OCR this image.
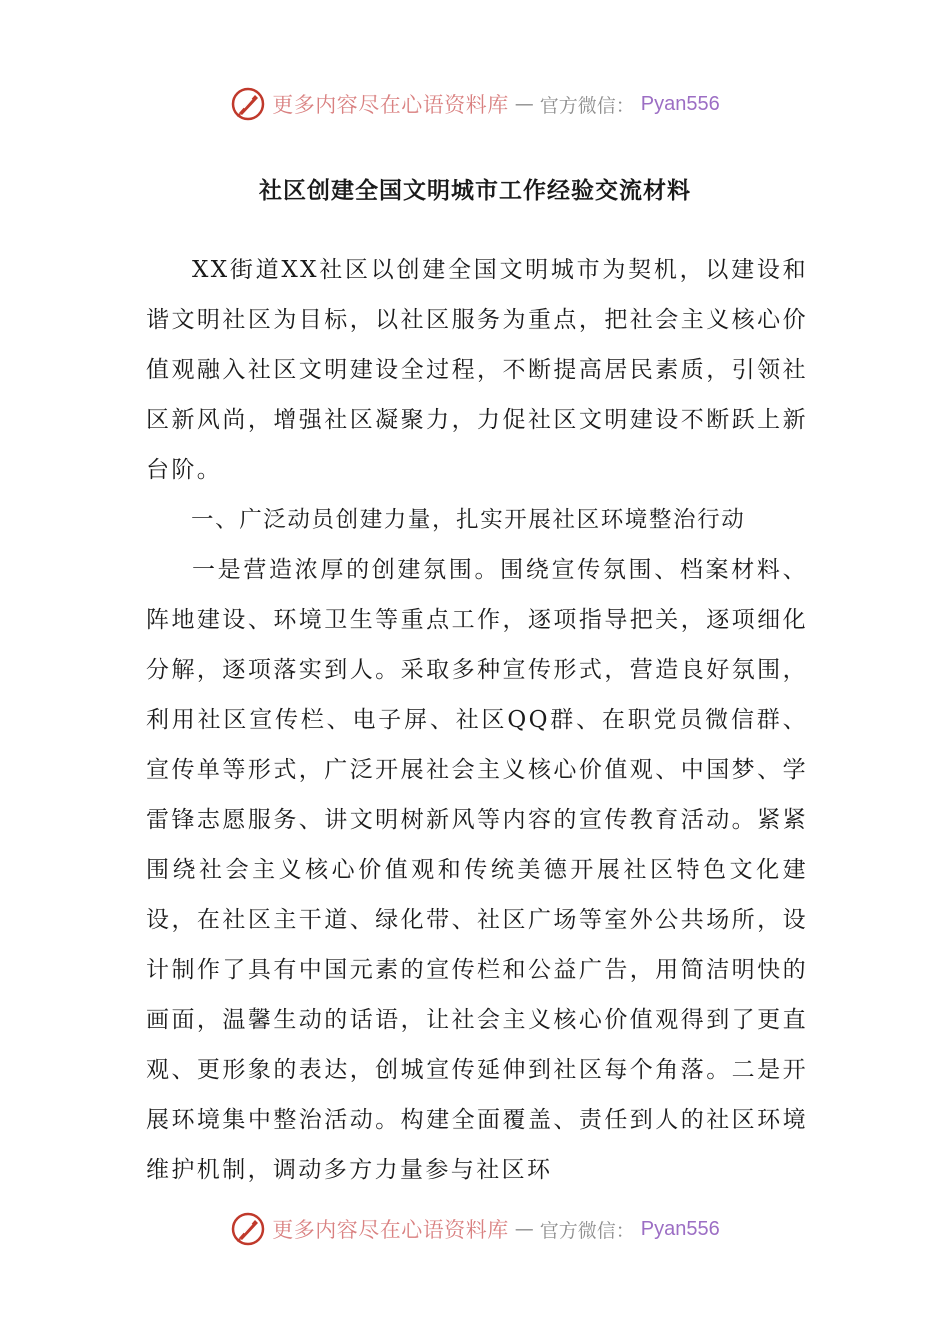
更多内容尽在心语资料库 — 官方微信： Pyan556
社区创建全国文明城市工作经验交流材料

XX街道XX社区以创建全国文明城市为契机，以建设和谐文明社区为目标，以社区服务为重点，把社会主义核心价值观融入社区文明建设全过程，不断提高居民素质，引领社区新风尚，增强社区凝聚力，力促社区文明建设不断跃上新台阶。

一、广泛动员创建力量，扎实开展社区环境整治行动

一是营造浓厚的创建氛围。围绕宣传氛围、档案材料、阵地建设、环境卫生等重点工作，逐项指导把关，逐项细化分解，逐项落实到人。采取多种宣传形式，营造良好氛围，利用社区宣传栏、电子屏、社区QQ群、在职党员微信群、宣传单等形式，广泛开展社会主义核心价值观、中国梦、学雷锋志愿服务、讲文明树新风等内容的宣传教育活动。紧紧围绕社会主义核心价值观和传统美德开展社区特色文化建设，在社区主干道、绿化带、社区广场等室外公共场所，设计制作了具有中国元素的宣传栏和公益广告，用简洁明快的画面，温馨生动的话语，让社会主义核心价值观得到了更直观、更形象的表达，创城宣传延伸到社区每个角落。二是开展环境集中整治活动。构建全面覆盖、责任到人的社区环境维护机制，调动多方力量参与社区环

更多内容尽在心语资料库 — 官方微信： Pyan556
